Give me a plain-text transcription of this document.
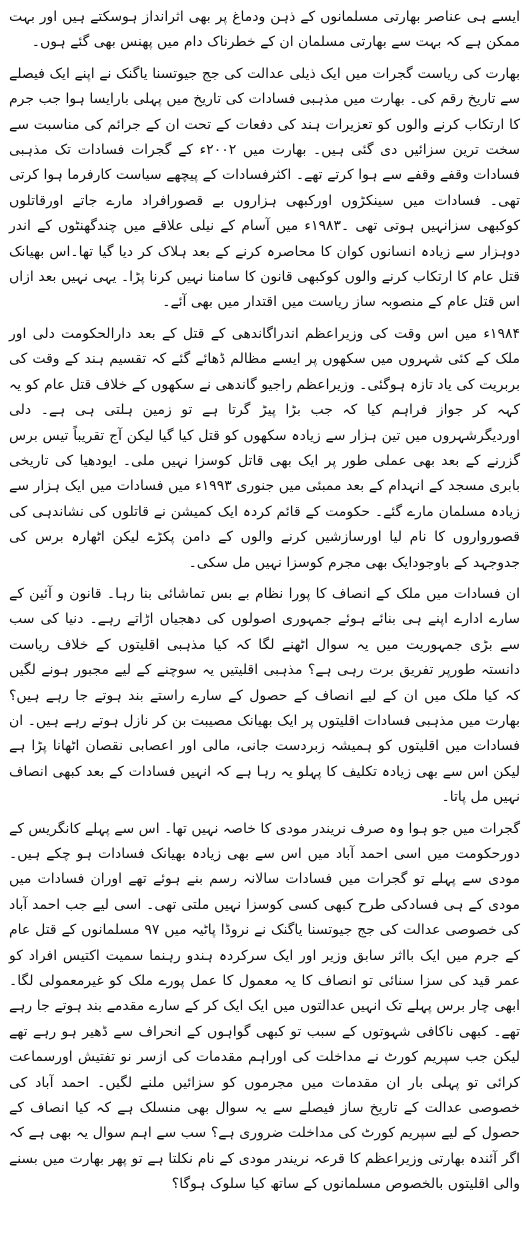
ایسے ہی عناصر بھارتی مسلمانوں کے ذہن ودماغ پر بھی اثرانداز ہوسکتے ہیں اور بہت ممکن ہے کہ بہت سے بھارتی مسلمان ان کے خطرناک دام میں پھنس بھی گئے ہوں۔

بھارت کی ریاست گجرات میں ایک ذیلی عدالت کی جج جیوتسنا یاگنک نے اپنے ایک فیصلے سے تاریخ رقم کی۔ بھارت میں مذہبی فسادات کی تاریخ میں پہلی بارایسا ہوا جب جرم کا ارتکاب کرنے والوں کو تعزیرات ہند کی دفعات کے تحت ان کے جرائم کی مناسبت سے سخت ترین سزائیں دی گئی ہیں۔ بھارت میں ۲۰۰۲ء کے گجرات فسادات تک مذہبی فسادات وقفے وقفے سے ہوا کرتے تھے۔ اکثرفسادات کے پیچھے سیاست کارفرما ہوا کرتی تھی۔ فسادات میں سینکڑوں اورکبھی ہزاروں بے قصورافراد مارے جاتے اورقاتلوں کوکبھی سزانہیں ہوتی تھی ۔۱۹۸۳ء میں آسام کے نیلی علاقے میں چندگھنٹوں کے اندر دوہزار سے زیادہ انسانوں کوان کا محاصرہ کرنے کے بعد ہلاک کر دیا گیا تھا۔اس بھیانک قتل عام کا ارتکاب کرنے والوں کوکبھی قانون کا سامنا نہیں کرنا پڑا۔ یہی نہیں بعد ازاں اس قتل عام کے منصوبہ ساز ریاست میں اقتدار میں بھی آئے۔

۱۹۸۴ء میں اس وقت کی وزیراعظم اندراگاندھی کے قتل کے بعد دارالحکومت دلی اور ملک کے کئی شہروں میں سکھوں پر ایسے مظالم ڈھائے گئے کہ تقسیم ہند کے وقت کی بربریت کی یاد تازہ ہوگئی۔ وزیراعظم راجیو گاندھی نے سکھوں کے خلاف قتل عام کو یہ کہہ کر جواز فراہم کیا کہ جب بڑا پیڑ گرتا ہے تو زمین ہلتی ہی ہے۔ دلی اوردیگرشہروں میں تین ہزار سے زیادہ سکھوں کو قتل کیا گیا لیکن آج تقریباً تیس برس گزرنے کے بعد بھی عملی طور پر ایک بھی قاتل کوسزا نہیں ملی۔ ایودھیا کی تاریخی بابری مسجد کے انہدام کے بعد ممبئی میں جنوری ۱۹۹۳ء میں فسادات میں ایک ہزار سے زیادہ مسلمان مارے گئے۔ حکومت کے قائم کردہ ایک کمیشن نے قاتلوں کی نشاندہی کی قصورواروں کا نام لیا اورسازشیں کرنے والوں کے دامن پکڑے لیکن اٹھارہ برس کی جدوجہد کے باوجودایک بھی مجرم کوسزا نہیں مل سکی۔

ان فسادات میں ملک کے انصاف کا پورا نظام بے بس تماشائی بنا رہا۔ قانون و آئین کے سارے ادارے اپنے ہی بنائے ہوئے جمہوری اصولوں کی دھجیاں اڑاتے رہے۔ دنیا کی سب سے بڑی جمہوریت میں یہ سوال اٹھنے لگا کہ کیا مذہبی اقلیتوں کے خلاف ریاست دانستہ طورپر تفریق برت رہی ہے؟ مذہبی اقلیتیں یہ سوچنے کے لیے مجبور ہونے لگیں کہ کیا ملک میں ان کے لیے انصاف کے حصول کے سارے راستے بند ہوتے جا رہے ہیں؟ بھارت میں مذہبی فسادات اقلیتوں پر ایک بھیانک مصیبت بن کر نازل ہوتے رہے ہیں۔ ان فسادات میں اقلیتوں کو ہمیشہ زبردست جانی، مالی اور اعصابی نقصان اٹھانا پڑا ہے لیکن اس سے بھی زیادہ تکلیف کا پہلو یہ رہا ہے کہ انہیں فسادات کے بعد کبھی انصاف نہیں مل پاتا۔

گجرات میں جو ہوا وہ صرف نریندر مودی کا خاصہ نہیں تھا۔ اس سے پہلے کانگریس کے دورحکومت میں اسی احمد آباد میں اس سے بھی زیادہ بھیانک فسادات ہو چکے ہیں۔ مودی سے پہلے تو گجرات میں فسادات سالانہ رسم بنے ہوئے تھے اوران فسادات میں مودی کے ہی فسادکی طرح کبھی کسی کوسزا نہیں ملتی تھی۔ اسی لیے جب احمد آباد کی خصوصی عدالت کی جج جیوتسنا یاگنک نے نروڈا پاٹیہ میں ۹۷ مسلمانوں کے قتل عام کے جرم میں ایک بااثر سابق وزیر اور ایک سرکردہ ہندو رہنما سمیت اکتیس افراد کو عمر قید کی سزا سنائی تو انصاف کا یہ معمول کا عمل پورے ملک کو غیرمعمولی لگا۔ ابھی چار برس پہلے تک انہیں عدالتوں میں ایک ایک کر کے سارے مقدمے بند ہوتے جا رہے تھے۔ کبھی ناکافی شہوتوں کے سبب تو کبھی گواہوں کے انحراف سے ڈھیر ہو رہے تھے لیکن جب سپریم کورٹ نے مداخلت کی اوراہم مقدمات کی ازسر نو تفتیش اورسماعت کرائی تو پہلی بار ان مقدمات میں مجرموں کو سزائیں ملنے لگیں۔ احمد آباد کی خصوصی عدالت کے تاریخ ساز فیصلے سے یہ سوال بھی منسلک ہے کہ کیا انصاف کے حصول کے لیے سپریم کورٹ کی مداخلت ضروری ہے؟ سب سے اہم سوال یہ بھی ہے کہ اگر آئندہ بھارتی وزیراعظم کا قرعہ نریندر مودی کے نام نکلتا ہے تو پھر بھارت میں بسنے والی اقلیتوں بالخصوص مسلمانوں کے ساتھ کیا سلوک ہوگا؟
